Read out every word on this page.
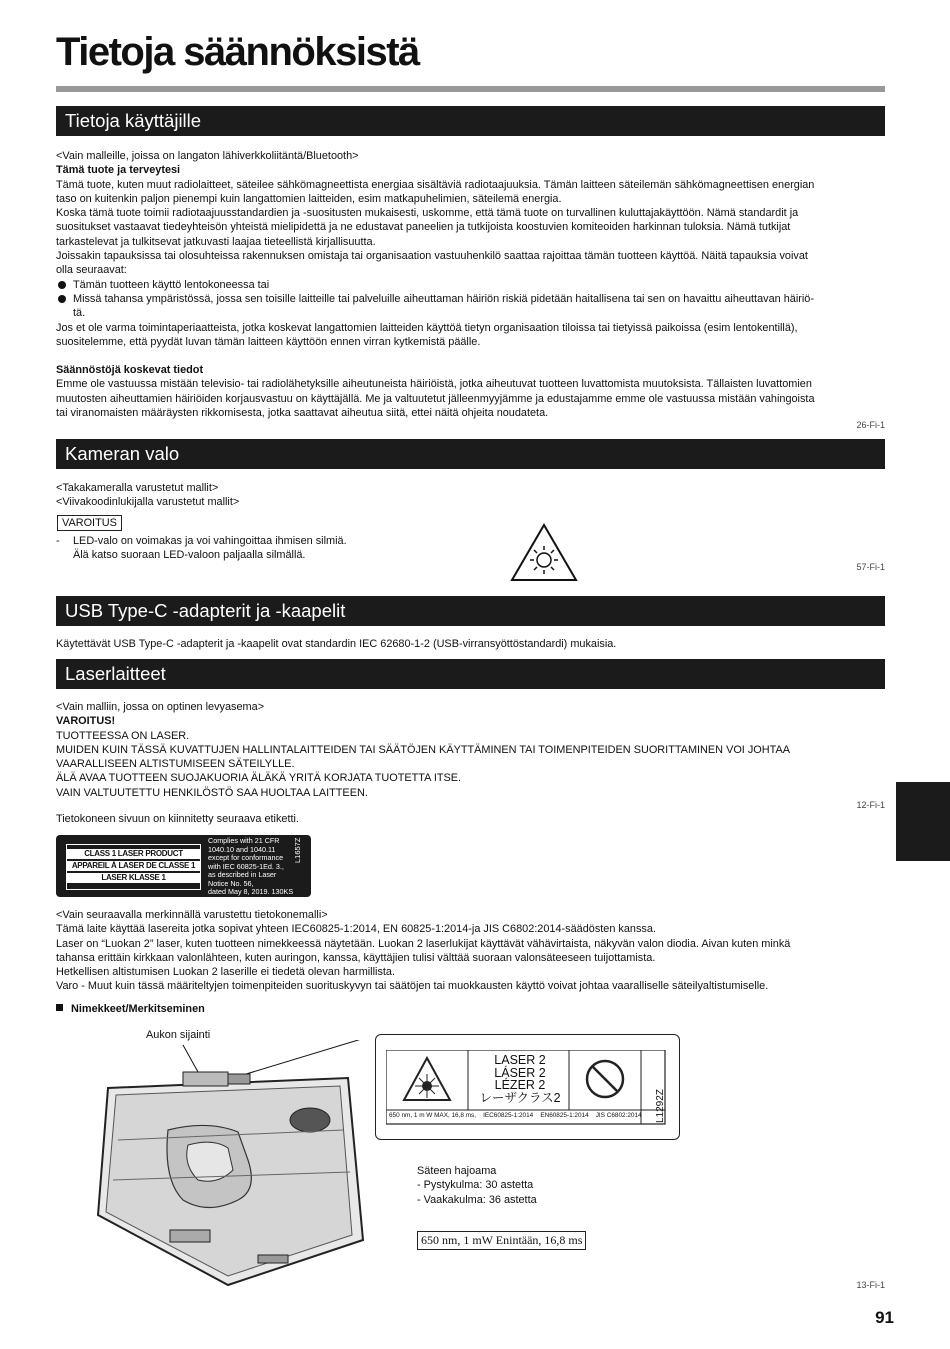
Tietoja säännöksistä
Tietoja käyttäjille
<Vain malleille, joissa on langaton lähiverkkoliitäntä/Bluetooth>
Tämä tuote ja terveytesi
Tämä tuote, kuten muut radiolaitteet, säteilee sähkömagneettista energiaa sisältäviä radiotaajuuksia. Tämän laitteen säteilemän sähkömagneettisen energian
taso on kuitenkin paljon pienempi kuin langattomien laitteiden, esim matkapuhelimien, säteilemä energia.
Koska tämä tuote toimii radiotaajuusstandardien ja -suositusten mukaisesti, uskomme, että tämä tuote on turvallinen kuluttajakäyttöön. Nämä standardit ja
suositukset vastaavat tiedeyhteisön yhteistä mielipidettä ja ne edustavat paneelien ja tutkijoista koostuvien komiteoiden harkinnan tuloksia. Nämä tutkijat
tarkastelevat ja tulkitsevat jatkuvasti laajaa tieteellistä kirjallisuutta.
Joissakin tapauksissa tai olosuhteissa rakennuksen omistaja tai organisaation vastuuhenkilö saattaa rajoittaa tämän tuotteen käyttöä. Näitä tapauksia voivat
olla seuraavat:
Tämän tuotteen käyttö lentokoneessa tai
Missä tahansa ympäristössä, jossa sen toisille laitteille tai palveluille aiheuttaman häiriön riskiä pidetään haitallisena tai sen on havaittu aiheuttavan häiriö-
tä.
Jos et ole varma toimintaperiaatteista, jotka koskevat langattomien laitteiden käyttöä tietyn organisaation tiloissa tai tietyissä paikoissa (esim lentokentillä),
suositelemme, että pyydät luvan tämän laitteen käyttöön ennen virran kytkemistä päälle.
Säännöstöjä koskevat tiedot
Emme ole vastuussa mistään televisio- tai radiolähetyksille aiheutuneista häiriöistä, jotka aiheutuvat tuotteen luvattomista muutoksista. Tällaisten luvattomien
muutosten aiheuttamien häiriöiden korjausvastuu on käyttäjällä. Me ja valtuutetut jälleenmyyjämme ja edustajamme emme ole vastuussa mistään vahingoista
tai viranomaisten määräysten rikkomisesta, jotka saattavat aiheutua siitä, ettei näitä ohjeita noudateta.
26-Fi-1
Kameran valo
<Takakameralla varustetut mallit>
<Viivakoodinlukijalla varustetut mallit>
VAROITUS
- LED-valo on voimakas ja voi vahingoittaa ihmisen silmiä.
Älä katso suoraan LED-valoon paljaalla silmällä.
57-Fi-1
USB Type-C -adapterit ja -kaapelit
Käytettävät USB Type-C -adapterit ja -kaapelit ovat standardin IEC 62680-1-2 (USB-virransyöttöstandardi) mukaisia.
Laserlaitteet
<Vain malliin, jossa on optinen levyasema>
VAROITUS!
TUOTTEESSA ON LASER.
MUIDEN KUIN TÄSSÄ KUVATTUJEN HALLINTALAITTEIDEN TAI SÄÄTÖJEN KÄYTTÄMINEN TAI TOIMENPITEIDEN SUORITTAMINEN VOI JOHTAA
VAARALLISEEN ALTISTUMISEEN SÄTEILYLLE.
ÄLÄ AVAA TUOTTEEN SUOJAKUORIA ÄLÄKÄ YRITÄ KORJATA TUOTETTA ITSE.
VAIN VALTUUTETTU HENKILÖSTÖ SAA HUOLTAA LAITTEEN.
12-Fi-1
Tietokoneen sivuun on kiinnitetty seuraava etiketti.
CLASS 1 LASER PRODUCT
APPAREIL À LASER DE CLASSE 1
LASER KLASSE 1
Complies with 21 CFR
1040.10 and 1040.11
except for conformance
with IEC 60825-1Ed. 3.,
as described in Laser
Notice No. 56,
dated May 8, 2019. 130KS
L1657Z
<Vain seuraavalla merkinnällä varustettu tietokonemalli>
Tämä laite käyttää lasereita jotka sopivat yhteen IEC60825-1:2014, EN 60825-1:2014-ja JIS C6802:2014-säädösten kanssa.
Laser on “Luokan 2” laser, kuten tuotteen nimekkeessä näytetään. Luokan 2 laserlukijat käyttävät vähävirtaista, näkyvän valon diodia. Aivan kuten minkä
tahansa erittäin kirkkaan valonlähteen, kuten auringon, kanssa, käyttäjien tulisi välttää suoraan valonsäteeseen tuijottamista.
Hetkellisen altistumisen Luokan 2 laserille ei tiedetä olevan harmillista.
Varo - Muut kuin tässä määriteltyjen toimenpiteiden suorituskyvyn tai säätöjen tai muokkausten käyttö voivat johtaa vaaralliselle säteilyaltistumiselle.
Nimekkeet/Merkitseminen
Aukon sijainti
LASER 2
LÁSER 2
LÉZER 2
レーザクラス2
650 nm, 1 m W MAX, 16,8 ms,    IEC60825-1:2014    EN60825-1:2014    JIS C6802:2014 L1292Z
Säteen hajoama
- Pystykulma: 30 astetta
- Vaakakulma: 36 astetta
650 nm, 1 mW Enintään, 16,8 ms
13-Fi-1
91
